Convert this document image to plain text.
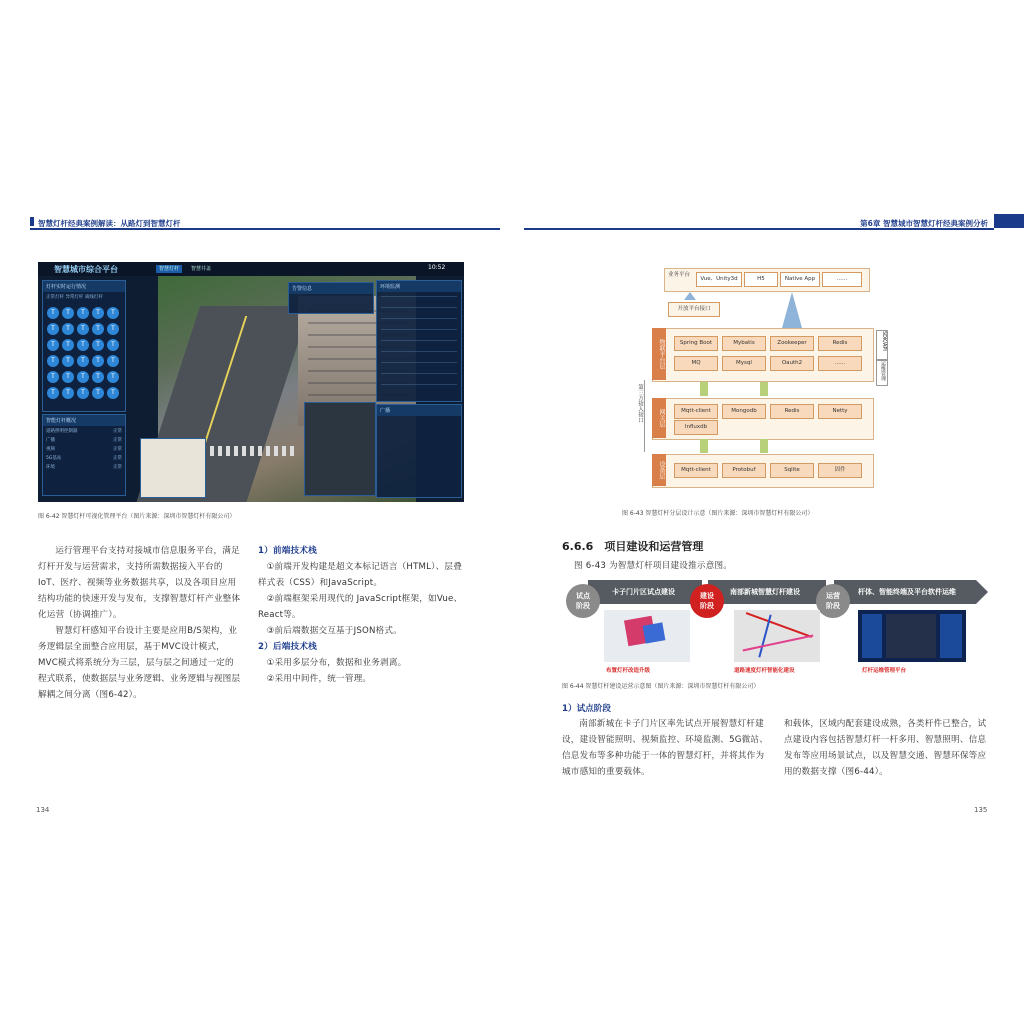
智慧灯杆经典案例解读：从路灯到智慧灯杆	第6章 智慧城市智慧灯杆经典案例分析
智慧城市综合平台	智慧灯杆	智慧井盖	10:52
灯杆实时运行情况
正常灯杆 异常灯杆 离线灯杆
T	T	T	T	T
T	T	T	T	T
T	T	T	T	T
T	T	T	T	T
T	T	T	T	T
T	T	T	T	T
智能灯杆概况
道路照明控制器	正常
广播	正常
视频	正常
5G基站	正常
环境	正常
环境监测
广播
告警信息
图 6-42 智慧灯杆可视化管理平台（图片来源：深圳市智慧灯杆有限公司）

运行管理平台支持对接城市信息服务平台，满足灯杆开发与运营需求，支持所需数据接入平台的IoT、医疗、视频等业务数据共享，以及各项目应用结构功能的快速开发与发布，支撑智慧灯杆产业整体化运营（协调推广）。

智慧灯杆感知平台设计主要是应用B/S架构，业务逻辑层全面整合应用层，基于MVC设计模式，MVC模式将系统分为三层，层与层之间通过一定的程式联系，使数据层与业务逻辑、业务逻辑与视图层解耦之间分离（图6-42）。

1）前端技术栈

①前端开发构建是超文本标记语言（HTML）、层叠样式表（CSS）和JavaScript。

②前端框架采用现代的 JavaScript框架，如Vue、React等。

③前后端数据交互基于JSON格式。

2）后端技术栈

①采用多层分布，数据和业务剥离。

②采用中间件，统一管理。

134
业务平台
Vue、Unity3d	H5	Native App	……
开放平台接口
物联平台层	Spring Boot	Mybatis	Zookeeper	Redis
MQ	Mysql	Oauth2	……
第三方接入接口	网关层	Mqtt-client	Mongodb	Redis	Netty
Influxdb
设备层	Mqtt-client	Protobuf	Sqlite	固件
运维管理
SDK/API
图 6-43 智慧灯杆分层设计示意（图片来源：深圳市智慧灯杆有限公司）
6.6.6　项目建设和运营管理
图 6-43 为智慧灯杆项目建设推示意图。
卡子门片区试点建设	南部新城智慧灯杆建设	杆体、智能终端及平台软件运维
试点
阶段
建设
阶段
运营
阶段
布置灯杆改造升级	道路速度灯杆智能化建设	灯杆运维管理平台
图 6-44 智慧灯杆建设运营示意图（图片来源：深圳市智慧灯杆有限公司）
1）试点阶段

南部新城在卡子门片区率先试点开展智慧灯杆建设，建设智能照明、视频监控、环境监测、5G微站、信息发布等多种功能于一体的智慧灯杆，并将其作为城市感知的重要载体。

和载体，区域内配套建设成熟，各类杆件已整合，试点建设内容包括智慧灯杆一杆多用、智慧照明、信息发布等应用场景试点，以及智慧交通、智慧环保等应用的数据支撑（图6-44）。

135
